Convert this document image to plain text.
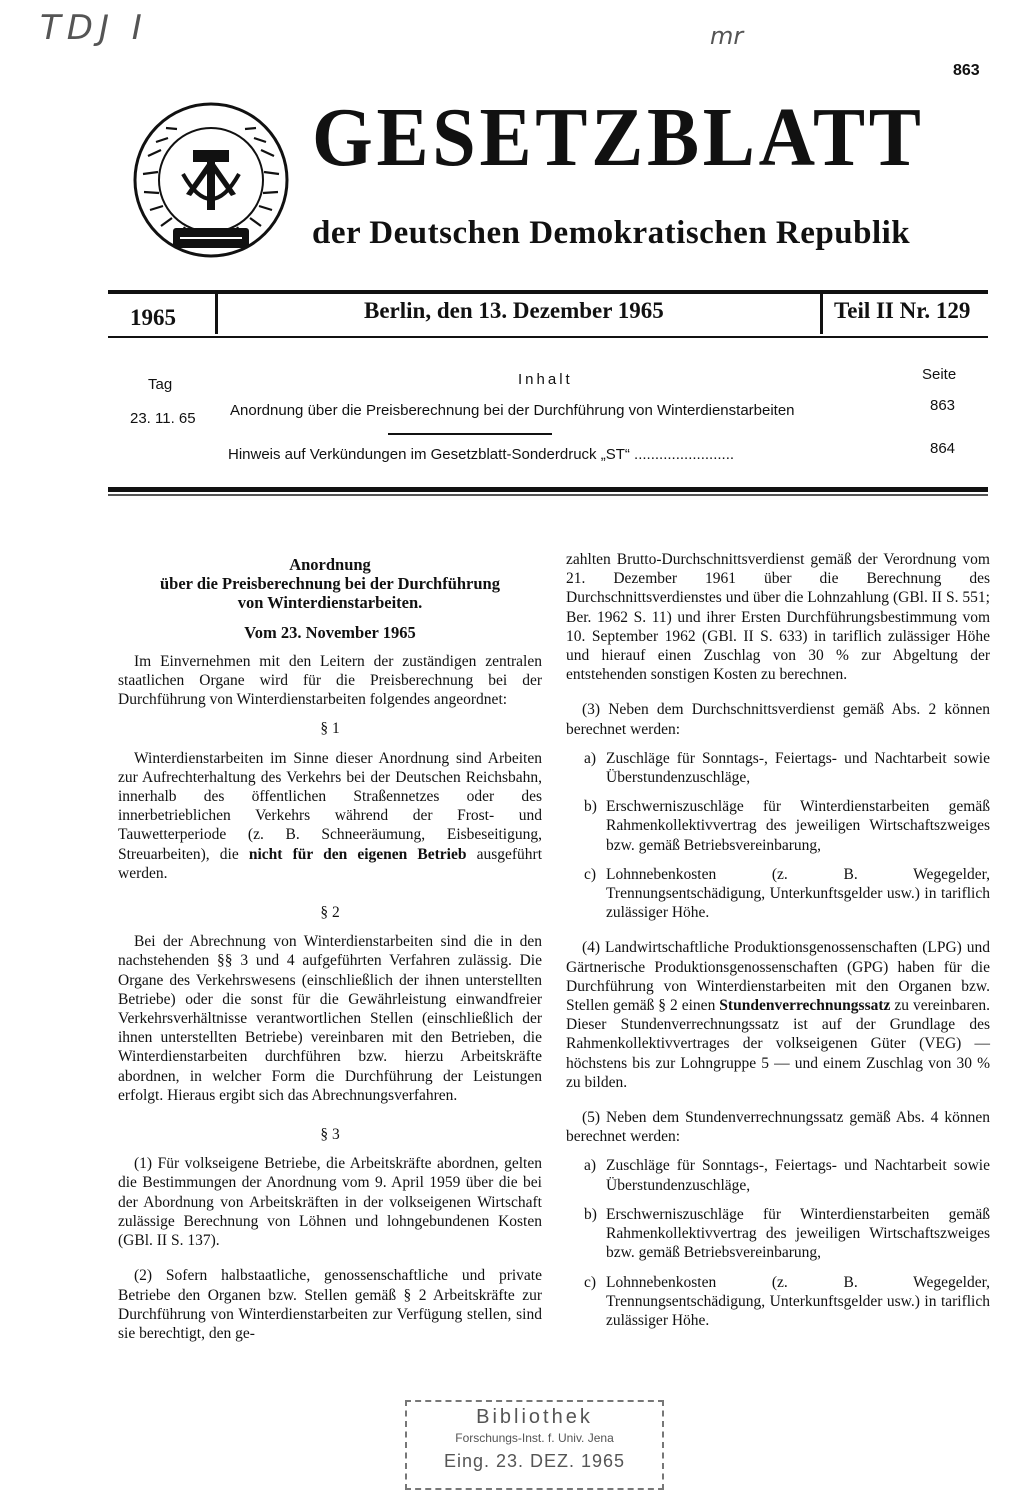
TDJ I	mr
863
GESETZBLATT
der Deutschen Demokratischen Republik
1965	Berlin, den 13. Dezember 1965	Teil II Nr. 129
Tag	Inhalt	Seite
23. 11. 65 Anordnung über die Preisberechnung bei der Durchführung von Winterdienstarbeiten	863
Hinweis auf Verkündungen im Gesetzblatt-Sonderdruck „ST“ ........................	864

Anordnung

über die Preisberechnung bei der Durchführung

von Winterdienstarbeiten.

Vom 23. November 1965

Im Einvernehmen mit den Leitern der zuständigen zentralen staatlichen Organe wird für die Preisberechnung bei der Durchführung von Winterdienstarbeiten folgendes angeordnet:

§ 1

Winterdienstarbeiten im Sinne dieser Anordnung sind Arbeiten zur Aufrechterhaltung des Verkehrs bei der Deutschen Reichsbahn, innerhalb des öffentlichen Straßennetzes oder des innerbetrieblichen Verkehrs während der Frost- und Tauwetterperiode (z. B. Schneeräumung, Eisbeseitigung, Streuarbeiten), die nicht für den eigenen Betrieb ausgeführt werden.

§ 2

Bei der Abrechnung von Winterdienstarbeiten sind die in den nachstehenden §§ 3 und 4 aufgeführten Verfahren zulässig. Die Organe des Verkehrswesens (einschließlich der ihnen unterstellten Betriebe) oder die sonst für die Gewährleistung einwandfreier Verkehrsverhältnisse verantwortlichen Stellen (einschließlich der ihnen unterstellten Betriebe) vereinbaren mit den Betrieben, die Winterdienstarbeiten durchführen bzw. hierzu Arbeitskräfte abordnen, in welcher Form die Durchführung der Leistungen erfolgt. Hieraus ergibt sich das Abrechnungsverfahren.

§ 3

(1) Für volkseigene Betriebe, die Arbeitskräfte abordnen, gelten die Bestimmungen der Anordnung vom 9. April 1959 über die bei der Abordnung von Arbeitskräften in der volkseigenen Wirtschaft zulässige Berechnung von Löhnen und lohngebundenen Kosten (GBl. II S. 137).

(2) Sofern halbstaatliche, genossenschaftliche und private Betriebe den Organen bzw. Stellen gemäß § 2 Arbeitskräfte zur Durchführung von Winterdienstarbeiten zur Verfügung stellen, sind sie berechtigt, den ge-

zahlten Brutto-Durchschnittsverdienst gemäß der Verordnung vom 21. Dezember 1961 über die Berechnung des Durchschnittsverdienstes und über die Lohnzahlung (GBl. II S. 551; Ber. 1962 S. 11) und ihrer Ersten Durchführungsbestimmung vom 10. September 1962 (GBl. II S. 633) in tariflich zulässiger Höhe und hierauf einen Zuschlag von 30 % zur Abgeltung der entstehenden sonstigen Kosten zu berechnen.

(3) Neben dem Durchschnittsverdienst gemäß Abs. 2 können berechnet werden:

a) Zuschläge für Sonntags-, Feiertags- und Nachtarbeit sowie Überstundenzuschläge,
b) Erschwerniszuschläge für Winterdienstarbeiten gemäß Rahmenkollektivvertrag des jeweiligen Wirtschaftszweiges bzw. gemäß Betriebsvereinbarung,
c) Lohnnebenkosten (z. B. Wegegelder, Trennungsentschädigung, Unterkunftsgelder usw.) in tariflich zulässiger Höhe.

(4) Landwirtschaftliche Produktionsgenossenschaften (LPG) und Gärtnerische Produktionsgenossenschaften (GPG) haben für die Durchführung von Winterdienstarbeiten mit den Organen bzw. Stellen gemäß § 2 einen Stundenverrechnungssatz zu vereinbaren. Dieser Stundenverrechnungssatz ist auf der Grundlage des Rahmenkollektivvertrages der volkseigenen Güter (VEG) — höchstens bis zur Lohngruppe 5 — und einem Zuschlag von 30 % zu bilden.

(5) Neben dem Stundenverrechnungssatz gemäß Abs. 4 können berechnet werden:

a) Zuschläge für Sonntags-, Feiertags- und Nachtarbeit sowie Überstundenzuschläge,
b) Erschwerniszuschläge für Winterdienstarbeiten gemäß Rahmenkollektivvertrag des jeweiligen Wirtschaftszweiges bzw. gemäß Betriebsvereinbarung,
c) Lohnnebenkosten (z. B. Wegegelder, Trennungsentschädigung, Unterkunftsgelder usw.) in tariflich zulässiger Höhe.
Bibliothek
Forschungs-Inst. f. Univ. Jena
Eing. 23. DEZ. 1965
